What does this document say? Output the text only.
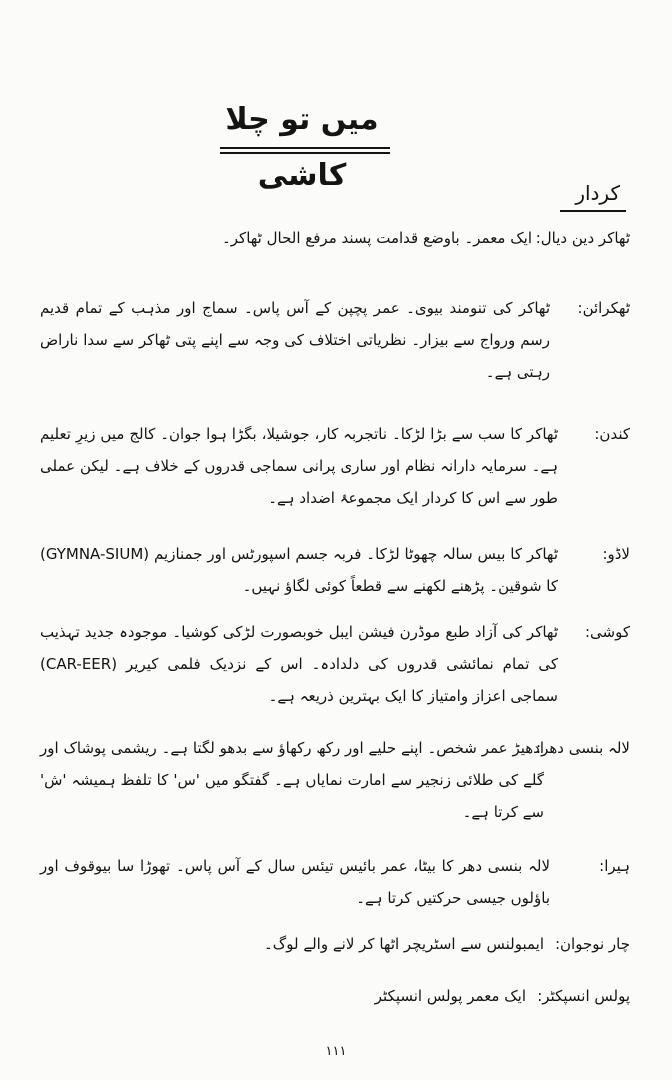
میں تو چلا کاشی	کردار
ٹھاکر دین دیال:
ایک معمر۔ باوضع قدامت پسند مرفع الحال ٹھاکر۔
ٹھکرائن:
ٹھاکر کی تنومند بیوی۔ عمر پچپن کے آس پاس۔ سماج اور مذہب کے تمام قدیم رسم ورواج سے بیزار۔ نظریاتی اختلاف کی وجہ سے اپنے پتی ٹھاکر سے سدا ناراض رہتی ہے۔
کندن:
ٹھاکر کا سب سے بڑا لڑکا۔ ناتجربہ کار، جوشیلا، بگڑا ہوا جوان۔ کالج میں زیرِ تعلیم ہے۔ سرمایہ دارانہ نظام اور ساری پرانی سماجی قدروں کے خلاف ہے۔ لیکن عملی طور سے اس کا کردار ایک مجموعۂ اضداد ہے۔
لاڈو:
ٹھاکر کا بیس سالہ چھوٹا لڑکا۔ فربہ جسم اسپورٹس اور جمنازیم (GYMNA-SIUM) کا شوقین۔ پڑھنے لکھنے سے قطعاً کوئی لگاؤ نہیں۔
کوشی:
ٹھاکر کی آزاد طبع موڈرن فیشن ایبل خوبصورت لڑکی کوشیا۔ موجودہ جدید تہذیب کی تمام نمائشی قدروں کی دلدادہ۔ اس کے نزدیک فلمی کیریر (CAR-EER) سماجی اعزاز وامتیاز کا ایک بہترین ذریعہ ہے۔
لالہ بنسی دھر:
ادھیڑ عمر شخص۔ اپنے حلیے اور رکھ رکھاؤ سے بدھو لگتا ہے۔ ریشمی پوشاک اور گلے کی طلائی زنجیر سے امارت نمایاں ہے۔ گفتگو میں 'س' کا تلفظ ہمیشہ 'ش' سے کرتا ہے۔
ہیرا:
لالہ بنسی دھر کا بیٹا، عمر بائیس تیئس سال کے آس پاس۔ تھوڑا سا بیوقوف اور باؤلوں جیسی حرکتیں کرتا ہے۔
چار نوجوان:
ایمبولنس سے اسٹریچر اٹھا کر لانے والے لوگ۔
پولس انسپکٹر:
ایک معمر پولس انسپکٹر
۱۱۱
